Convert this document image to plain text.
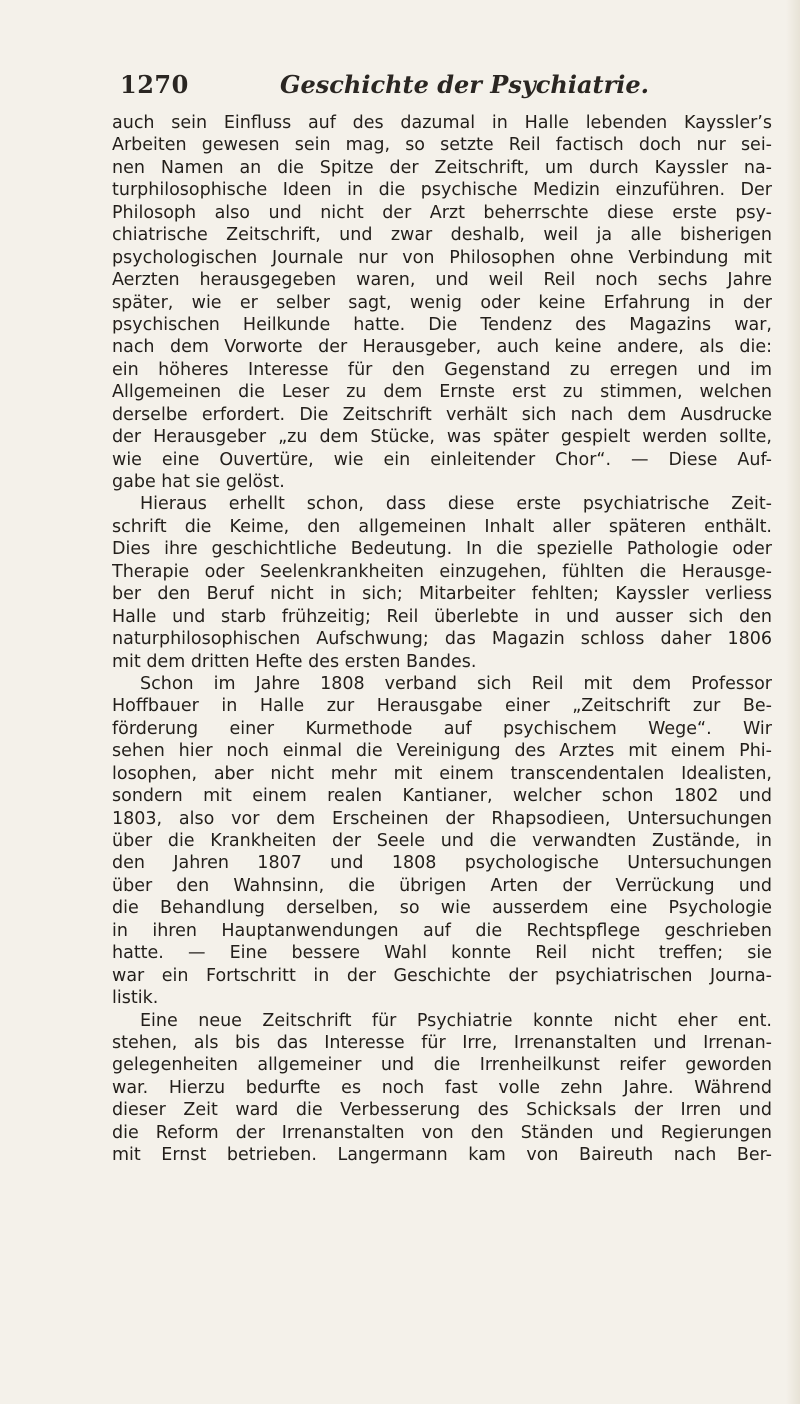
1270	Geschichte der Psychiatrie.
auch sein Einfluss auf des dazumal in Halle lebenden Kayssler’s
Arbeiten gewesen sein mag, so setzte Reil factisch doch nur sei-
nen Namen an die Spitze der Zeitschrift, um durch Kayssler na-
turphilosophische Ideen in die psychische Medizin einzuführen. Der
Philosoph also und nicht der Arzt beherrschte diese erste psy-
chiatrische Zeitschrift, und zwar deshalb, weil ja alle bisherigen
psychologischen Journale nur von Philosophen ohne Verbindung mit
Aerzten herausgegeben waren, und weil Reil noch sechs Jahre
später, wie er selber sagt, wenig oder keine Erfahrung in der
psychischen Heilkunde hatte. Die Tendenz des Magazins war,
nach dem Vorworte der Herausgeber, auch keine andere, als die:
ein höheres Interesse für den Gegenstand zu erregen und im
Allgemeinen die Leser zu dem Ernste erst zu stimmen, welchen
derselbe erfordert. Die Zeitschrift verhält sich nach dem Ausdrucke
der Herausgeber „zu dem Stücke, was später gespielt werden sollte,
wie eine Ouvertüre, wie ein einleitender Chor“. — Diese Auf-
gabe hat sie gelöst.
Hieraus erhellt schon, dass diese erste psychiatrische Zeit-
schrift die Keime, den allgemeinen Inhalt aller späteren enthält.
Dies ihre geschichtliche Bedeutung. In die spezielle Pathologie oder
Therapie oder Seelenkrankheiten einzugehen, fühlten die Herausge-
ber den Beruf nicht in sich; Mitarbeiter fehlten; Kayssler verliess
Halle und starb frühzeitig; Reil überlebte in und ausser sich den
naturphilosophischen Aufschwung; das Magazin schloss daher 1806
mit dem dritten Hefte des ersten Bandes.
Schon im Jahre 1808 verband sich Reil mit dem Professor
Hoffbauer in Halle zur Herausgabe einer „Zeitschrift zur Be-
förderung einer Kurmethode auf psychischem Wege“. Wir
sehen hier noch einmal die Vereinigung des Arztes mit einem Phi-
losophen, aber nicht mehr mit einem transcendentalen Idealisten,
sondern mit einem realen Kantianer, welcher schon 1802 und
1803, also vor dem Erscheinen der Rhapsodieen, Untersuchungen
über die Krankheiten der Seele und die verwandten Zustände, in
den Jahren 1807 und 1808 psychologische Untersuchungen
über den Wahnsinn, die übrigen Arten der Verrückung und
die Behandlung derselben, so wie ausserdem eine Psychologie
in ihren Hauptanwendungen auf die Rechtspflege geschrieben
hatte. — Eine bessere Wahl konnte Reil nicht treffen; sie
war ein Fortschritt in der Geschichte der psychiatrischen Journa-
listik.
Eine neue Zeitschrift für Psychiatrie konnte nicht eher ent.
stehen, als bis das Interesse für Irre, Irrenanstalten und Irrenan-
gelegenheiten allgemeiner und die Irrenheilkunst reifer geworden
war. Hierzu bedurfte es noch fast volle zehn Jahre. Während
dieser Zeit ward die Verbesserung des Schicksals der Irren und
die Reform der Irrenanstalten von den Ständen und Regierungen
mit Ernst betrieben. Langermann kam von Baireuth nach Ber-
